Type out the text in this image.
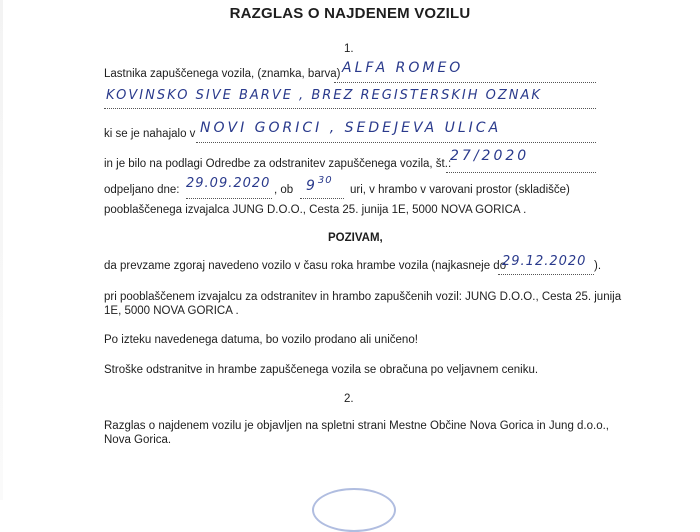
RAZGLAS O NAJDENEM VOZILU
1.
Lastnika zapuščenega vozila, (znamka, barva) ALFA ROMEO
KOVINSKO SIVE BARVE , BREZ REGISTERSKIH OZNAK
ki se je nahajalo v NOVI GORICI , SEDEJEVA ULICA
in je bilo na podlagi Odredbe za odstranitev zapuščenega vozila, št.:
27/2020
odpeljano dne: 29.09.2020 , ob $9^{30}$
uri, v hrambo v varovani prostor (skladišče)
pooblaščenega izvajalca JUNG D.O.O., Cesta 25. junija 1E, 5000 NOVA GORICA .
POZIVAM,
da prevzame zgoraj navedeno vozilo v času roka hrambe vozila (najkasneje do
29.12.2020 ).
pri pooblaščenem izvajalcu za odstranitev in hrambo zapuščenih vozil: JUNG D.O.O., Cesta 25. junija
1E, 5000 NOVA GORICA .
Po izteku navedenega datuma, bo vozilo prodano ali uničeno!
Stroške odstranitve in hrambe zapuščenega vozila se obračuna po veljavnem ceniku.
2.
Razglas o najdenem vozilu je objavljen na spletni strani Mestne Občine Nova Gorica in Jung d.o.o.,
Nova Gorica.
